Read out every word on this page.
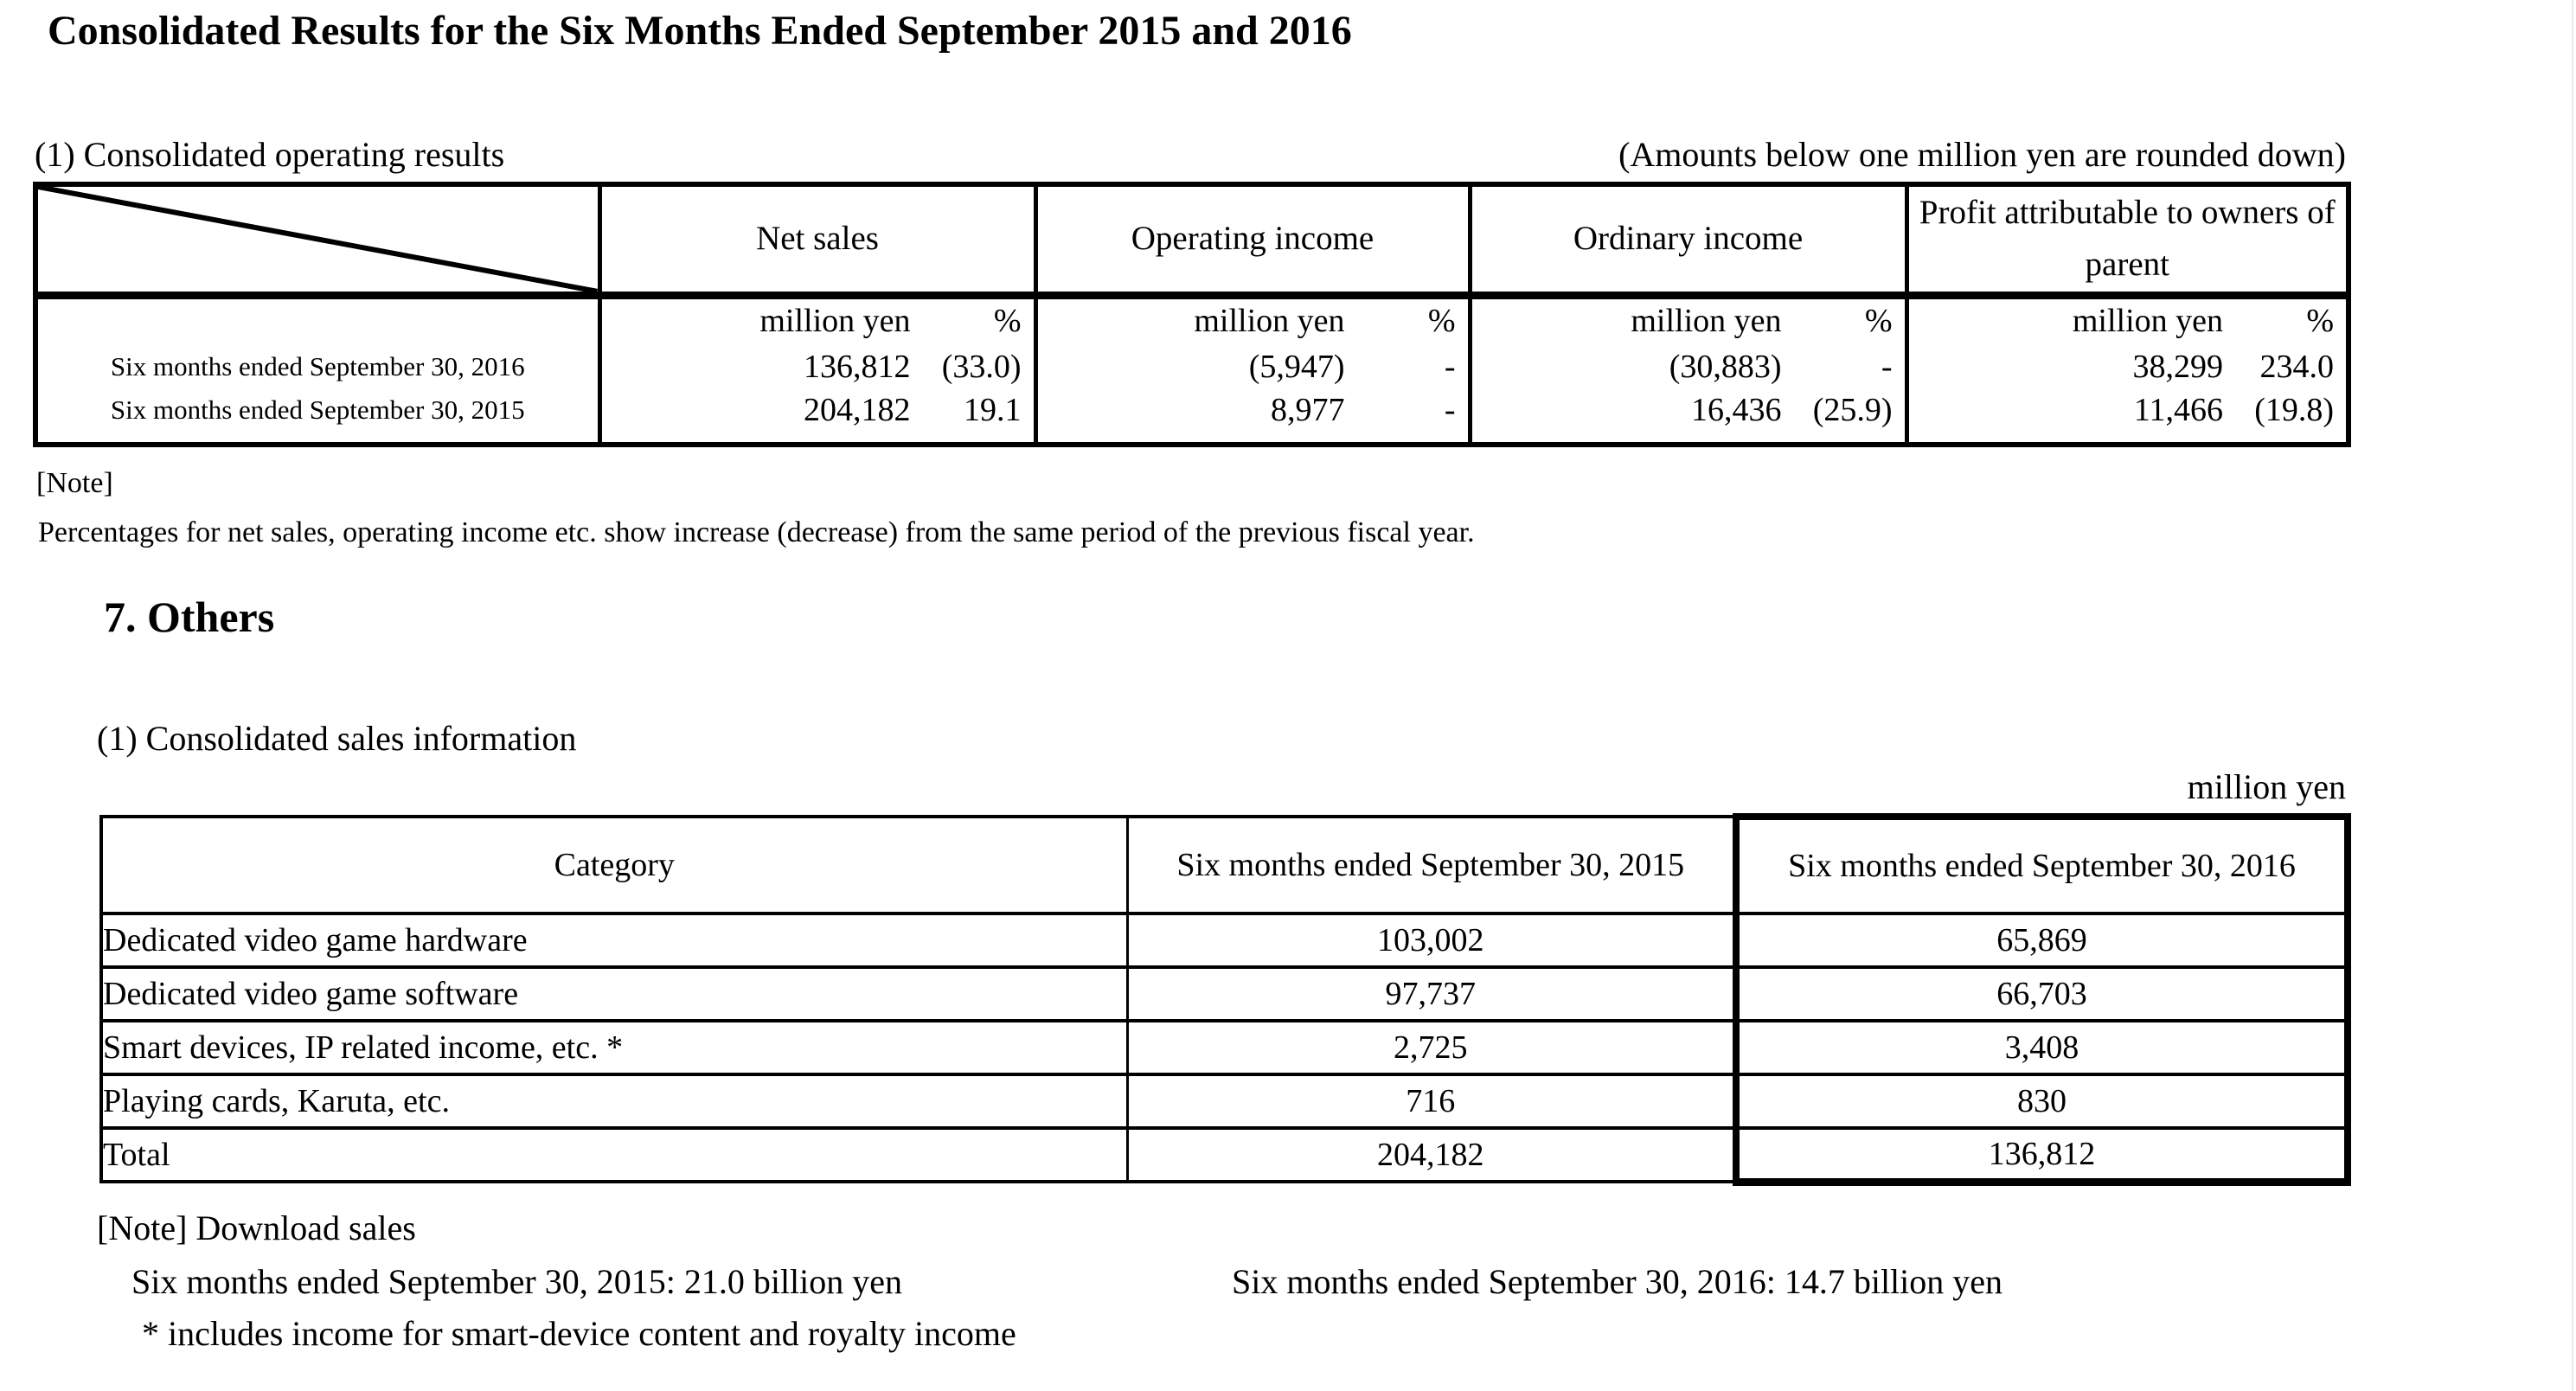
Consolidated Results for the Six Months Ended September 2015 and 2016
(1) Consolidated operating results	(Amounts below one million yen are rounded down)
	Net sales	Operating income	Ordinary income	Profit attributable to owners of parent

	million yen %	million yen %	million yen %	million yen %

Six months ended September 30, 2016	136,812 (33.0)	(5,947) -	(30,883) -	38,299 234.0

Six months ended September 30, 2015	204,182 19.1	8,977 -	16,436 (25.9)	11,466 (19.8)
[Note]
Percentages for net sales, operating income etc. show increase (decrease) from the same period of the previous fiscal year.
7. Others
(1) Consolidated sales information
million yen
Category	Six months ended September 30, 2015	Six months ended September 30, 2016
Dedicated video game hardware	103,002	65,869
Dedicated video game software	97,737	66,703
Smart devices, IP related income, etc. *	2,725	3,408
Playing cards, Karuta, etc.	716	830
Total	204,182	136,812
[Note] Download sales
Six months ended September 30, 2015: 21.0 billion yen	Six months ended September 30, 2016: 14.7 billion yen
* includes income for smart-device content and royalty income
